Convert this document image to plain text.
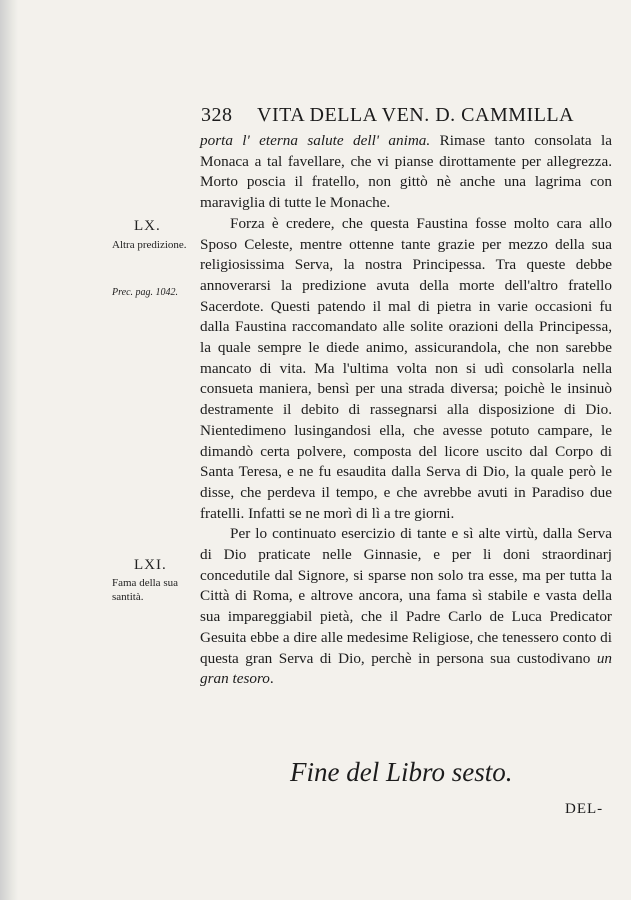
328 VITA DELLA VEN. D. CAMMILLA
LX.
Altra predizione.
Prec. pag. 1042.
LXI.
Fama della sua
santità.

porta l' eterna salute dell' anima. Rimase tanto consolata la Monaca a tal favellare, che vi pianse dirottamente per allegrezza. Morto poscia il fratello, non gittò nè anche una lagrima con maraviglia di tutte le Monache.

Forza è credere, che questa Faustina fosse molto cara allo Sposo Celeste, mentre ottenne tante grazie per mezzo della sua religiosissima Serva, la nostra Principessa. Tra queste debbe annoverarsi la predizione avuta della morte dell'altro fratello Sacerdote. Questi patendo il mal di pietra in varie occasioni fu dalla Faustina raccomandato alle solite orazioni della Principessa, la quale sempre le diede animo, assicurandola, che non sarebbe mancato di vita. Ma l'ultima volta non si udì consolarla nella consueta maniera, bensì per una strada diversa; poichè le insinuò destramente il debito di rassegnarsi alla disposizione di Dio. Nientedimeno lusingandosi ella, che avesse potuto campare, le dimandò certa polvere, composta del licore uscito dal Corpo di Santa Teresa, e ne fu esaudita dalla Serva di Dio, la quale però le disse, che perdeva il tempo, e che avrebbe avuti in Paradiso due fratelli. Infatti se ne morì di lì a tre giorni.

Per lo continuato esercizio di tante e sì alte virtù, dalla Serva di Dio praticate nelle Ginnasie, e per li doni straordinarj concedutile dal Signore, si sparse non solo tra esse, ma per tutta la Città di Roma, e altrove ancora, una fama sì stabile e vasta della sua impareggiabil pietà, che il Padre Carlo de Luca Predicator Gesuita ebbe a dire alle medesime Religiose, che tenessero conto di questa gran Serva di Dio, perchè in persona sua custodivano un gran tesoro.

Fine del Libro sesto.
DEL-
